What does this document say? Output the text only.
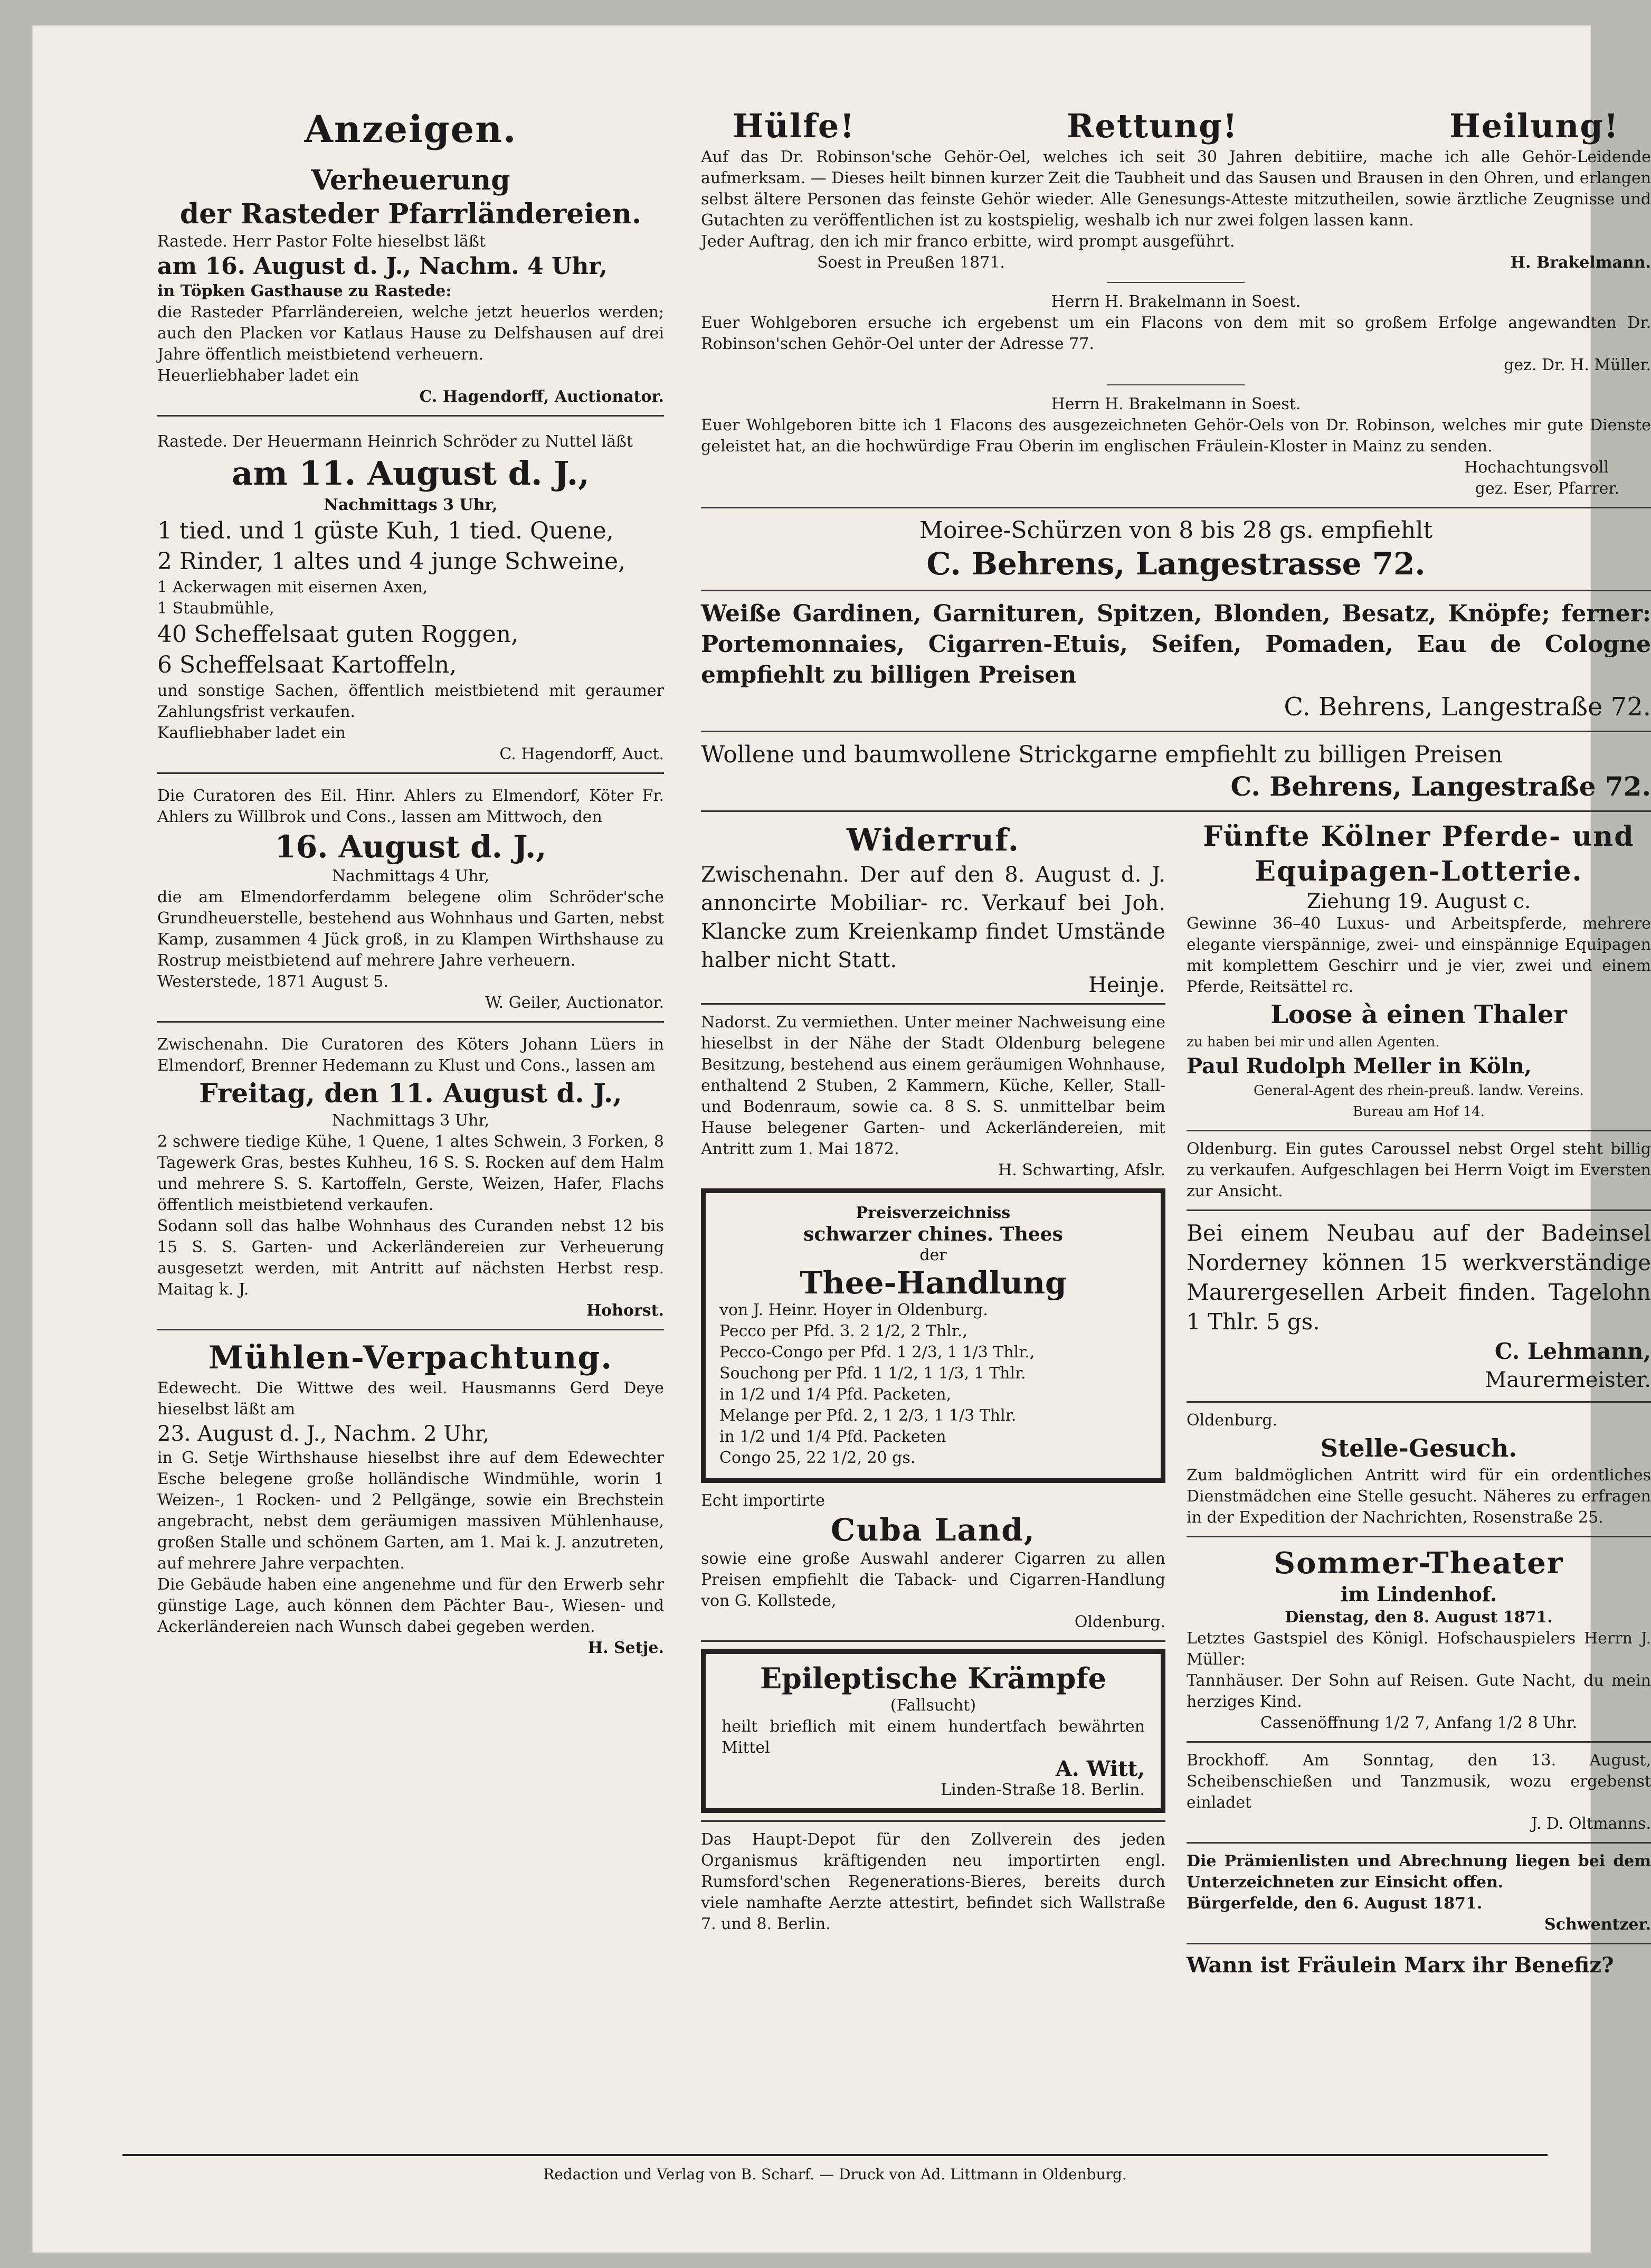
Anzeigen.

Verheuerung

der Rasteder Pfarrländereien.

Rastede. Herr Pastor Folte hieselbst läßt

am 16. August d. J., Nachm. 4 Uhr,

in Töpken Gasthause zu Rastede:

die Rasteder Pfarrländereien, welche jetzt heuerlos werden; auch den Placken vor Katlaus Hause zu Delfshausen auf drei Jahre öffentlich meistbietend verheuern.

Heuerliebhaber ladet ein

C. Hagendorff, Auctionator.

Rastede. Der Heuermann Heinrich Schröder zu Nuttel läßt

am 11. August d. J.,

Nachmittags 3 Uhr,

1 tied. und 1 güste Kuh, 1 tied. Quene,

2 Rinder, 1 altes und 4 junge Schweine,

1 Ackerwagen mit eisernen Axen,

1 Staubmühle,

40 Scheffelsaat guten Roggen,

6 Scheffelsaat Kartoffeln,

und sonstige Sachen, öffentlich meistbietend mit geraumer Zahlungsfrist verkaufen.

Kaufliebhaber ladet ein

C. Hagendorff, Auct.

Die Curatoren des Eil. Hinr. Ahlers zu Elmendorf, Köter Fr. Ahlers zu Willbrok und Cons., lassen am Mittwoch, den

16. August d. J.,

Nachmittags 4 Uhr,

die am Elmendorferdamm belegene olim Schröder'sche Grundheuerstelle, bestehend aus Wohnhaus und Garten, nebst Kamp, zusammen 4 Jück groß, in zu Klampen Wirthshause zu Rostrup meistbietend auf mehrere Jahre verheuern.

Westerstede, 1871 August 5.

W. Geiler, Auctionator.

Zwischenahn. Die Curatoren des Köters Johann Lüers in Elmendorf, Brenner Hedemann zu Klust und Cons., lassen am

Freitag, den 11. August d. J.,

Nachmittags 3 Uhr,

2 schwere tiedige Kühe, 1 Quene, 1 altes Schwein, 3 Forken, 8 Tagewerk Gras, bestes Kuhheu, 16 S. S. Rocken auf dem Halm und mehrere S. S. Kartoffeln, Gerste, Weizen, Hafer, Flachs öffentlich meistbietend verkaufen.

Sodann soll das halbe Wohnhaus des Curanden nebst 12 bis 15 S. S. Garten- und Ackerländereien zur Verheuerung ausgesetzt werden, mit Antritt auf nächsten Herbst resp. Maitag k. J.

Hohorst.

Mühlen-Verpachtung.

Edewecht. Die Wittwe des weil. Hausmanns Gerd Deye hieselbst läßt am

23. August d. J., Nachm. 2 Uhr,

in G. Setje Wirthshause hieselbst ihre auf dem Edewechter Esche belegene große holländische Windmühle, worin 1 Weizen-, 1 Rocken- und 2 Pellgänge, sowie ein Brechstein angebracht, nebst dem geräumigen massiven Mühlenhause, großen Stalle und schönem Garten, am 1. Mai k. J. anzutreten, auf mehrere Jahre verpachten.

Die Gebäude haben eine angenehme und für den Erwerb sehr günstige Lage, auch können dem Pächter Bau-, Wiesen- und Ackerländereien nach Wunsch dabei gegeben werden.

H. Setje.

Hülfe!	Rettung!	Heilung!

Auf das Dr. Robinson'sche Gehör-Oel, welches ich seit 30 Jahren debitiire, mache ich alle Gehör-Leidende aufmerksam. — Dieses heilt binnen kurzer Zeit die Taubheit und das Sausen und Brausen in den Ohren, und erlangen selbst ältere Personen das feinste Gehör wieder. Alle Genesungs-Atteste mitzutheilen, sowie ärztliche Zeugnisse und Gutachten zu veröffentlichen ist zu kostspielig, weshalb ich nur zwei folgen lassen kann.

Jeder Auftrag, den ich mir franco erbitte, wird prompt ausgeführt.

Soest in Preußen 1871.	H. Brakelmann.

Herrn H. Brakelmann in Soest.

Euer Wohlgeboren ersuche ich ergebenst um ein Flacons von dem mit so großem Erfolge angewandten Dr. Robinson'schen Gehör-Oel unter der Adresse 77.

gez. Dr. H. Müller.

Herrn H. Brakelmann in Soest.

Euer Wohlgeboren bitte ich 1 Flacons des ausgezeichneten Gehör-Oels von Dr. Robinson, welches mir gute Dienste geleistet hat, an die hochwürdige Frau Oberin im englischen Fräulein-Kloster in Mainz zu senden.

Hochachtungsvoll

gez. Eser, Pfarrer.

Moiree-Schürzen von 8 bis 28 gs. empfiehlt

C. Behrens, Langestrasse 72.

Weiße Gardinen, Garnituren, Spitzen, Blonden, Besatz, Knöpfe; ferner: Portemonnaies, Cigarren-Etuis, Seifen, Pomaden, Eau de Cologne empfiehlt zu billigen Preisen

C. Behrens, Langestraße 72.

Wollene und baumwollene Strickgarne empfiehlt zu billigen Preisen

C. Behrens, Langestraße 72.

Widerruf.

Zwischenahn. Der auf den 8. August d. J. annoncirte Mobiliar- rc. Verkauf bei Joh. Klancke zum Kreienkamp findet Umstände halber nicht Statt.

Heinje.

Nadorst. Zu vermiethen. Unter meiner Nachweisung eine hieselbst in der Nähe der Stadt Oldenburg belegene Besitzung, bestehend aus einem geräumigen Wohnhause, enthaltend 2 Stuben, 2 Kammern, Küche, Keller, Stall- und Bodenraum, sowie ca. 8 S. S. unmittelbar beim Hause belegener Garten- und Ackerländereien, mit Antritt zum 1. Mai 1872.

H. Schwarting, Afslr.

Preisverzeichniss

schwarzer chines. Thees

der

Thee-Handlung

von J. Heinr. Hoyer in Oldenburg.

Pecco per Pfd. 3. 2 1/2, 2 Thlr.,

Pecco-Congo per Pfd. 1 2/3, 1 1/3 Thlr.,

Souchong per Pfd. 1 1/2, 1 1/3, 1 Thlr.

in 1/2 und 1/4 Pfd. Packeten,

Melange per Pfd. 2, 1 2/3, 1 1/3 Thlr.

in 1/2 und 1/4 Pfd. Packeten

Congo 25, 22 1/2, 20 gs.

Echt importirte

Cuba Land,

sowie eine große Auswahl anderer Cigarren zu allen Preisen empfiehlt die Taback- und Cigarren-Handlung von G. Kollstede,

Oldenburg.

Epileptische Krämpfe

(Fallsucht)

heilt brieflich mit einem hundertfach bewährten Mittel

A. Witt,

Linden-Straße 18. Berlin.

Das Haupt-Depot für den Zollverein des jeden Organismus kräftigenden neu importirten engl. Rumsford'schen Regenerations-Bieres, bereits durch viele namhafte Aerzte attestirt, befindet sich Wallstraße 7. und 8. Berlin.

Fünfte Kölner Pferde- und Equipagen-Lotterie.

Ziehung 19. August c.

Gewinne 36–40 Luxus- und Arbeitspferde, mehrere elegante vierspännige, zwei- und einspännige Equipagen mit komplettem Geschirr und je vier, zwei und einem Pferde, Reitsättel rc.

Loose à einen Thaler

zu haben bei mir und allen Agenten.

Paul Rudolph Meller in Köln,

General-Agent des rhein-preuß. landw. Vereins.

Bureau am Hof 14.

Oldenburg. Ein gutes Caroussel nebst Orgel steht billig zu verkaufen. Aufgeschlagen bei Herrn Voigt im Eversten zur Ansicht.

Bei einem Neubau auf der Badeinsel Norderney können 15 werkverständige Maurergesellen Arbeit finden. Tagelohn 1 Thlr. 5 gs.

C. Lehmann,

Maurermeister.

Oldenburg.

Stelle-Gesuch.

Zum baldmöglichen Antritt wird für ein ordentliches Dienstmädchen eine Stelle gesucht. Näheres zu erfragen in der Expedition der Nachrichten, Rosenstraße 25.

Sommer-Theater

im Lindenhof.

Dienstag, den 8. August 1871.

Letztes Gastspiel des Königl. Hofschauspielers Herrn J. Müller:

Tannhäuser. Der Sohn auf Reisen. Gute Nacht, du mein herziges Kind.

Cassenöffnung 1/2 7, Anfang 1/2 8 Uhr.

Brockhoff. Am Sonntag, den 13. August, Scheibenschießen und Tanzmusik, wozu ergebenst einladet

J. D. Oltmanns.

Die Prämienlisten und Abrechnung liegen bei dem Unterzeichneten zur Einsicht offen.

Bürgerfelde, den 6. August 1871.

Schwentzer.

Wann ist Fräulein Marx ihr Benefiz?

Redaction und Verlag von B. Scharf. — Druck von Ad. Littmann in Oldenburg.
